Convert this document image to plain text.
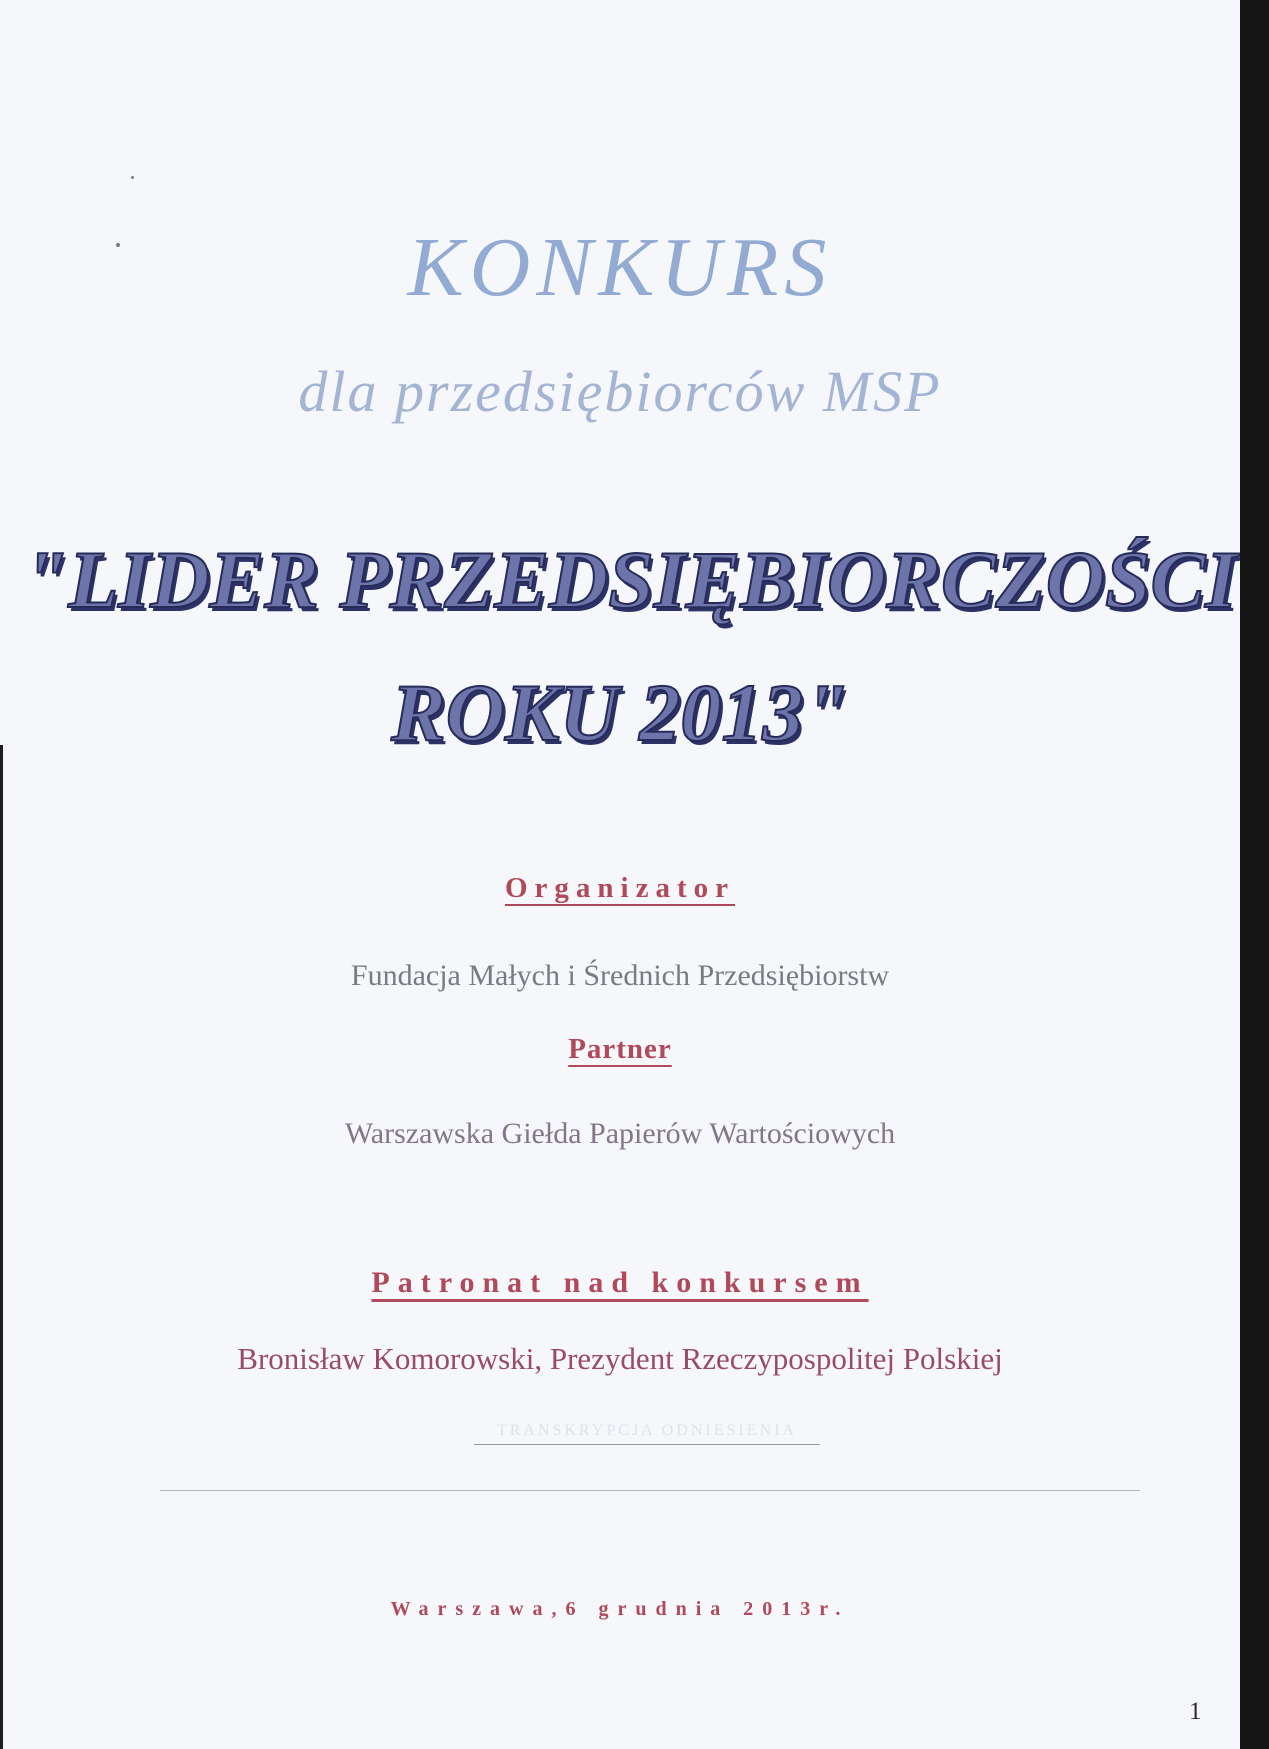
KONKURS
dla przedsiębiorców MSP
"LIDER PRZEDSIĘBIORCZOŚCI
ROKU 2013"
Organizator
Fundacja Małych i Średnich Przedsiębiorstw
Partner
Warszawska Giełda Papierów Wartościowych
Patronat nad konkursem
Bronisław Komorowski, Prezydent Rzeczypospolitej Polskiej
TRANSKRYPCJA ODNIESIENIA
Warszawa,6 grudnia 2013r.
1
